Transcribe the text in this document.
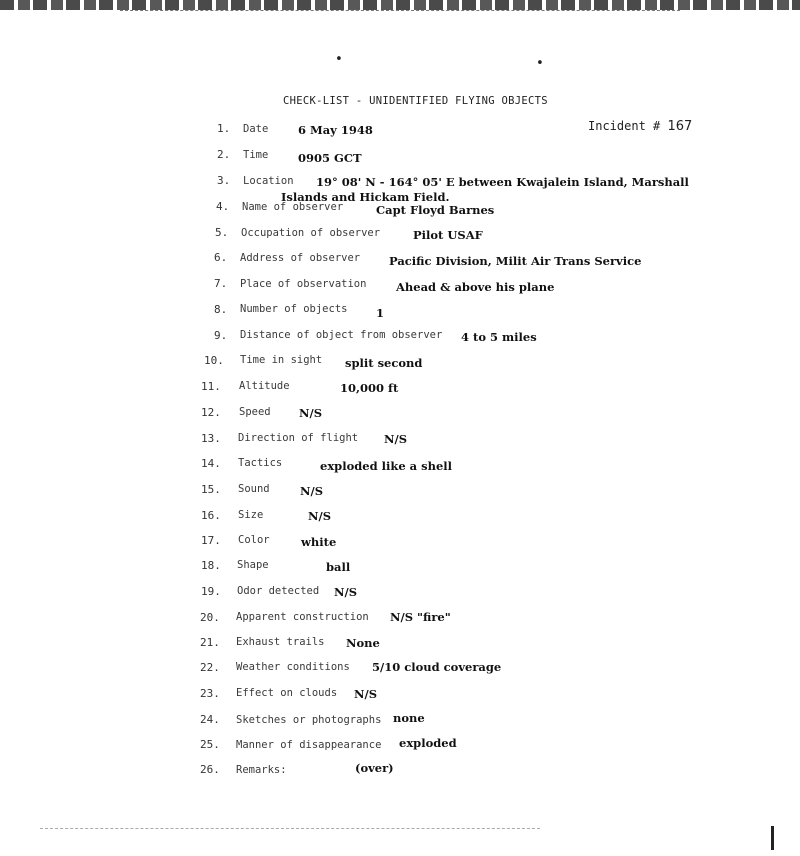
•	•
CHECK-LIST - UNIDENTIFIED FLYING OBJECTS
Incident # 167
1. Date	6 May 1948
2. Time	0905 GCT
3. Location 19° 08' N - 164° 05' E between Kwajalein Island, Marshall
Islands and Hickam Field.
4. Name of observer	Capt Floyd Barnes
5. Occupation of observer	Pilot USAF
6. Address of observer	Pacific Division, Milit Air Trans Service
7. Place of observation	Ahead & above his plane
8. Number of objects 1
9. Distance of object from observer 4 to 5 miles
10. Time in sight split second
11. Altitude	10,000 ft
12. Speed N/S
13. Direction of flight N/S
14. Tactics	exploded like a shell
15. Sound	N/S
16. Size	N/S
17. Color	white
18. Shape	ball
19. Odor detected N/S
20. Apparent construction N/S "fire"
21. Exhaust trails None
22. Weather conditions 5/10 cloud coverage
23. Effect on clouds N/S
24. Sketches or photographs none
25. Manner of disappearance exploded
26. Remarks:	(over)
